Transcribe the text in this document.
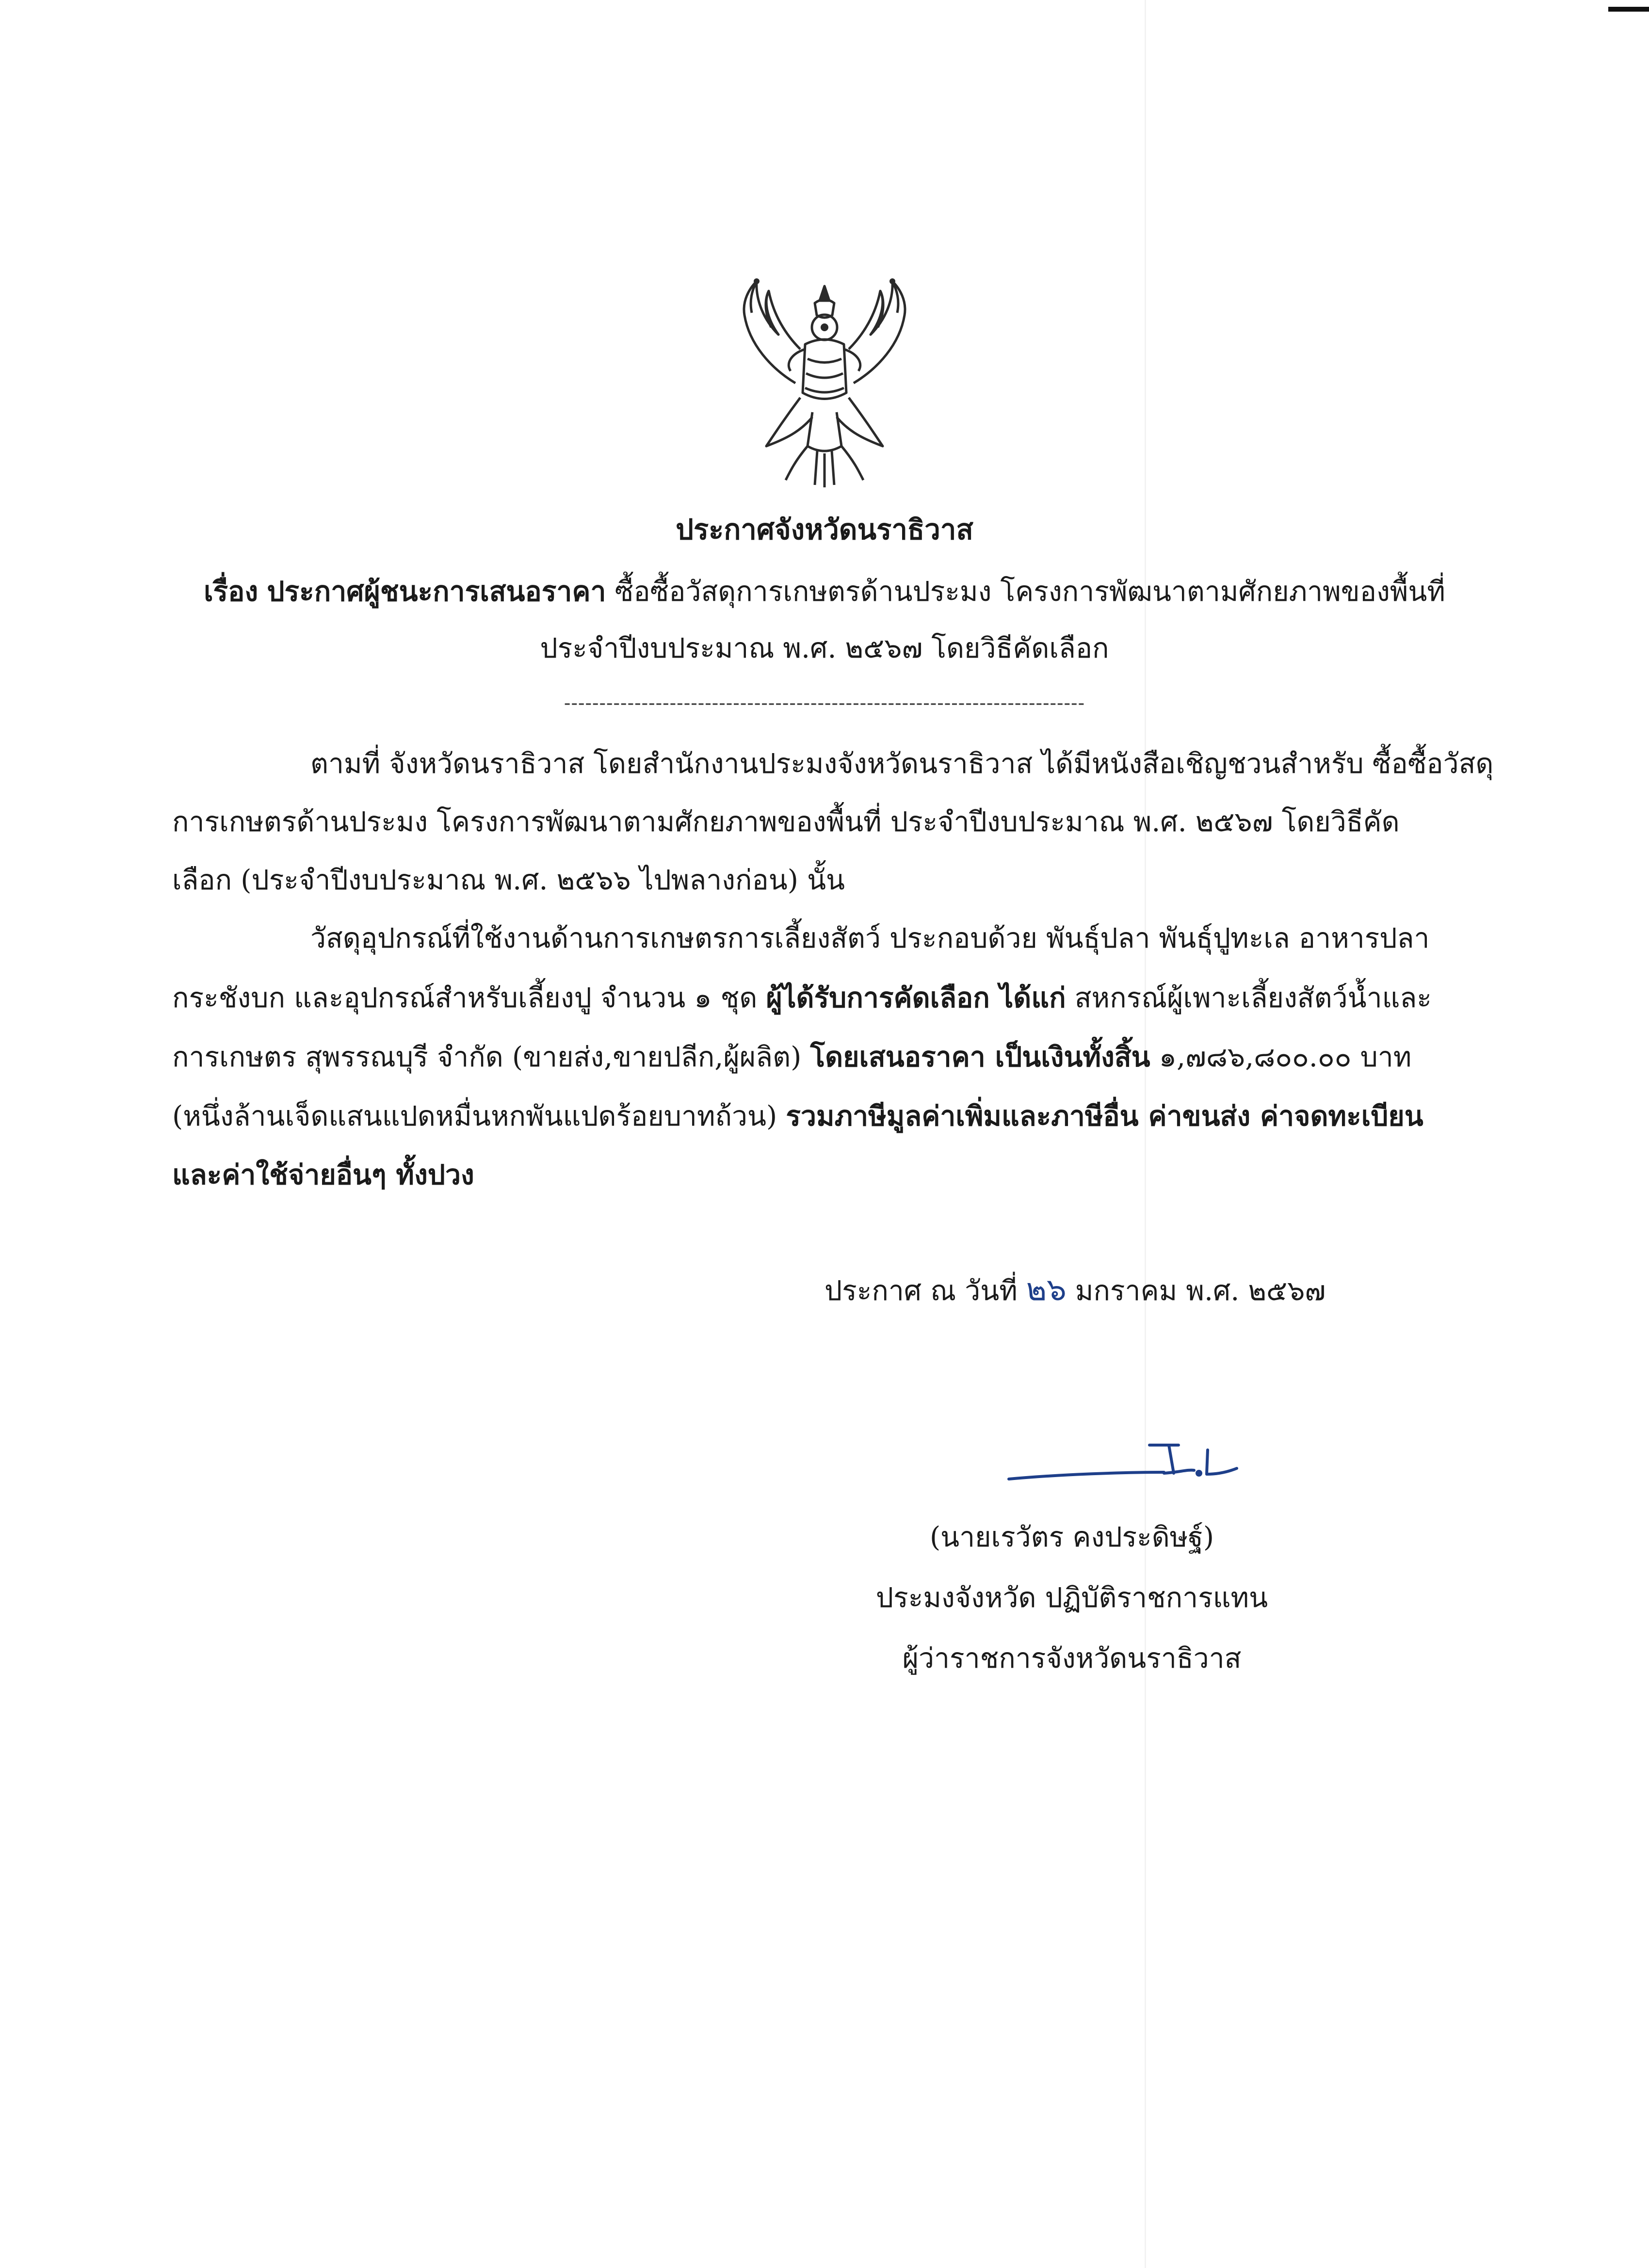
ประกาศจังหวัดนราธิวาส
เรื่อง ประกาศผู้ชนะการเสนอราคา ซื้อซื้อวัสดุการเกษตรด้านประมง โครงการพัฒนาตามศักยภาพของพื้นที่
ประจำปีงบประมาณ พ.ศ. ๒๕๖๗ โดยวิธีคัดเลือก
--------------------------------------------------------------------------
ตามที่ จังหวัดนราธิวาส โดยสำนักงานประมงจังหวัดนราธิวาส ได้มีหนังสือเชิญชวนสำหรับ ซื้อซื้อวัสดุ
การเกษตรด้านประมง โครงการพัฒนาตามศักยภาพของพื้นที่ ประจำปีงบประมาณ พ.ศ. ๒๕๖๗ โดยวิธีคัด
เลือก (ประจำปีงบประมาณ พ.ศ. ๒๕๖๖ ไปพลางก่อน) นั้น
วัสดุอุปกรณ์ที่ใช้งานด้านการเกษตรการเลี้ยงสัตว์ ประกอบด้วย พันธุ์ปลา พันธุ์ปูทะเล อาหารปลา
กระชังบก และอุปกรณ์สำหรับเลี้ยงปู จำนวน ๑ ชุด ผู้ได้รับการคัดเลือก ได้แก่ สหกรณ์ผู้เพาะเลี้ยงสัตว์น้ำและ
การเกษตร สุพรรณบุรี จำกัด (ขายส่ง,ขายปลีก,ผู้ผลิต) โดยเสนอราคา เป็นเงินทั้งสิ้น ๑,๗๘๖,๘๐๐.๐๐ บาท
(หนึ่งล้านเจ็ดแสนแปดหมื่นหกพันแปดร้อยบาทถ้วน) รวมภาษีมูลค่าเพิ่มและภาษีอื่น ค่าขนส่ง ค่าจดทะเบียน
และค่าใช้จ่ายอื่นๆ ทั้งปวง
ประกาศ ณ วันที่ ๒๖ มกราคม พ.ศ. ๒๕๖๗
(นายเรวัตร คงประดิษฐ์)
ประมงจังหวัด ปฏิบัติราชการแทน
ผู้ว่าราชการจังหวัดนราธิวาส
